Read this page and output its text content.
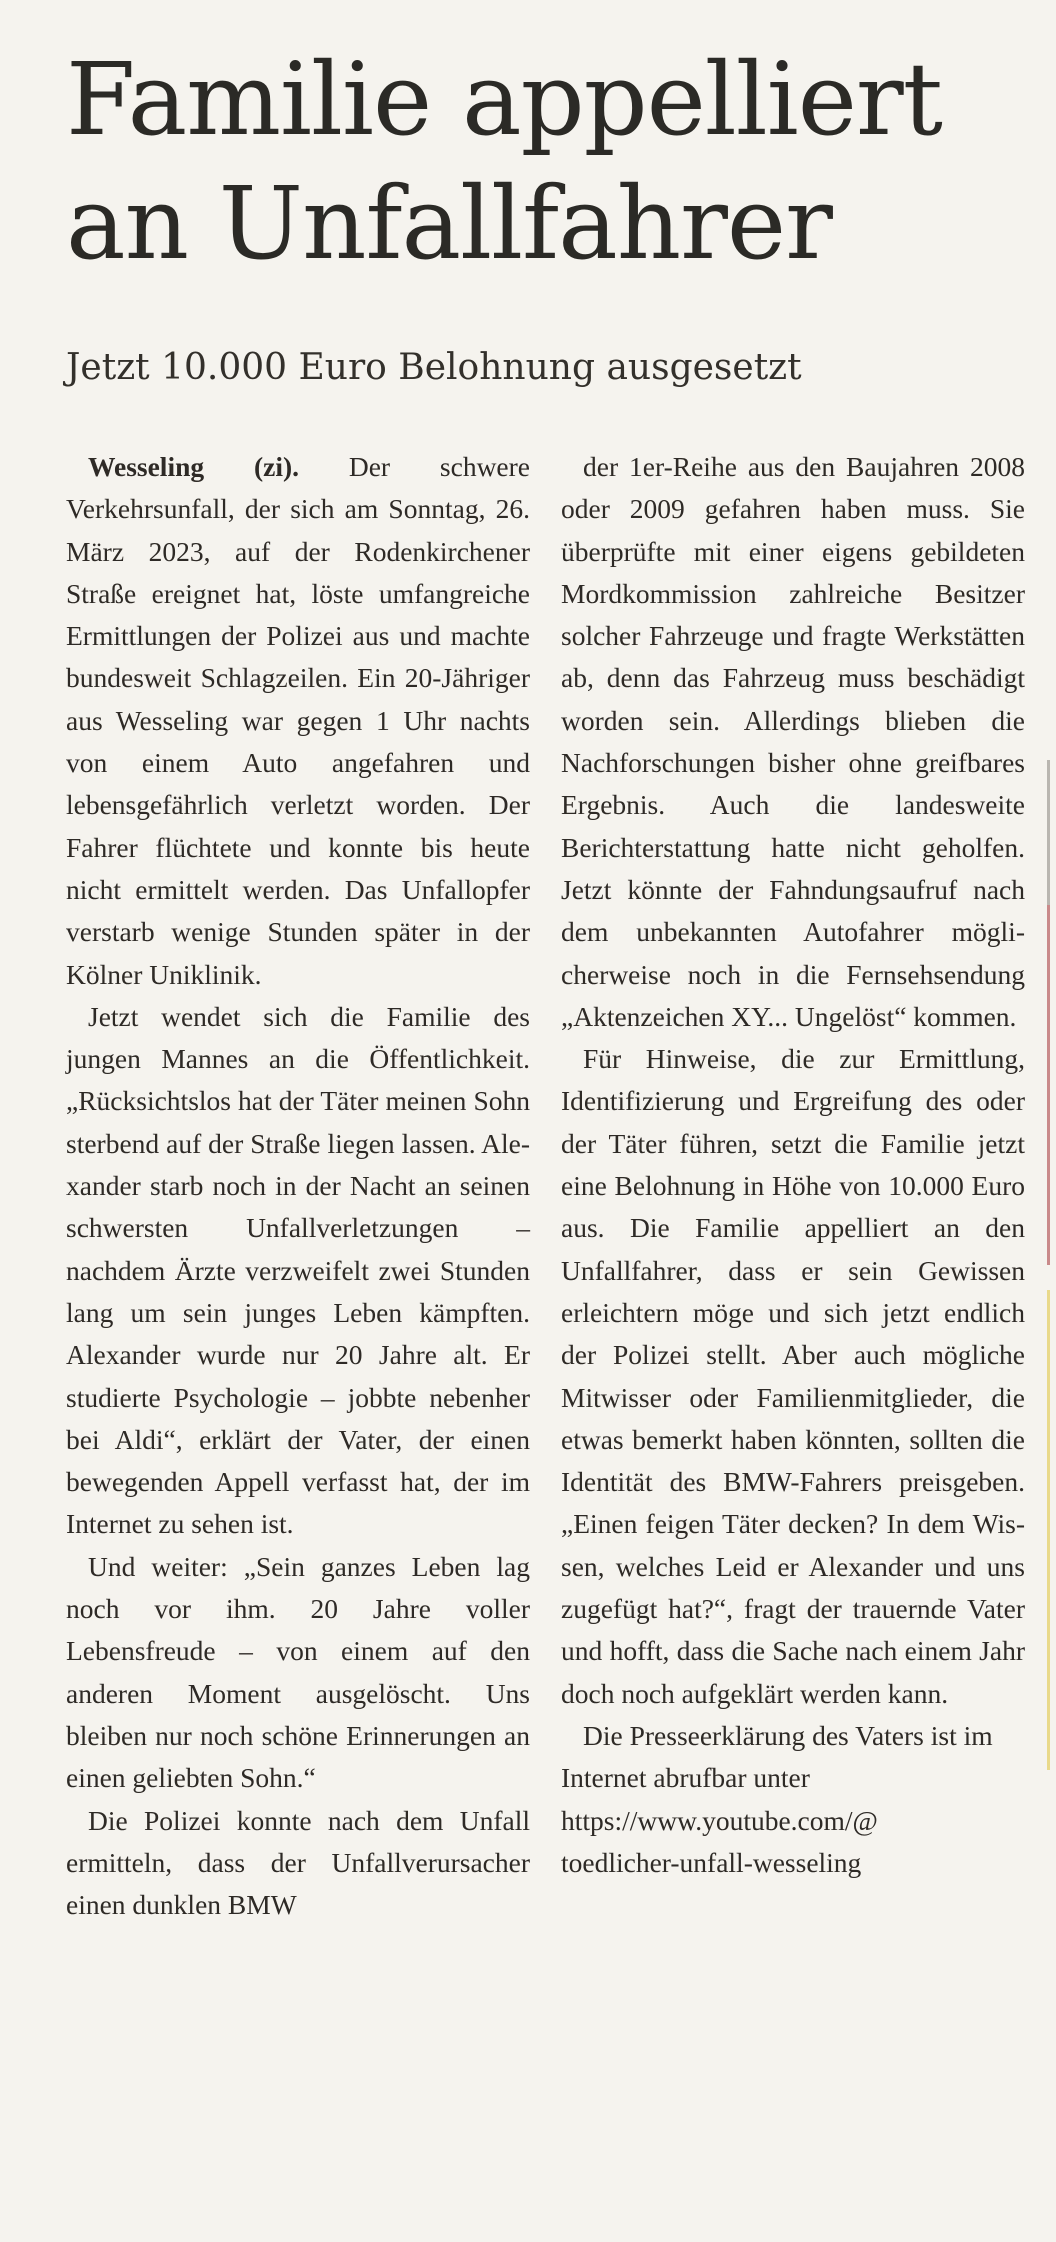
Familie appelliert
an Unfallfahrer
Jetzt 10.000 Euro Belohnung ausgesetzt

Wesseling (zi). Der schwere Verkehrsunfall, der sich am Sonntag, 26. März 2023, auf der Rodenkirchener Straße ereignet hat, löste umfangreiche Ermittlungen der Polizei aus und machte bundesweit Schlagzeilen. Ein 20-Jähriger aus Wesseling war gegen 1 Uhr nachts von einem Auto angefahren und lebensgefährlich verletzt worden. Der Fahrer flüchtete und konnte bis heute nicht ermittelt werden. Das Unfallopfer verstarb wenige Stunden später in der Kölner Uniklinik.

Jetzt wendet sich die Familie des jungen Mannes an die Öffentlichkeit. „Rücksichtslos hat der Täter meinen Sohn sterbend auf der Straße liegen lassen. Alexander starb noch in der Nacht an seinen schwersten Unfallverletzungen – nachdem Ärzte verzweifelt zwei Stunden lang um sein junges Leben kämpften. Alexander wurde nur 20 Jahre alt. Er studierte Psychologie – jobbte nebenher bei Aldi“, erklärt der Vater, der einen bewegenden Appell verfasst hat, der im Internet zu sehen ist.

Und weiter: „Sein ganzes Leben lag noch vor ihm. 20 Jahre voller Lebensfreude – von einem auf den anderen Moment ausgelöscht. Uns bleiben nur noch schöne Erinnerungen an einen geliebten Sohn.“

Die Polizei konnte nach dem Unfall ermitteln, dass der Unfallverursacher einen dunklen BMW

der 1er-Reihe aus den Baujahren 2008 oder 2009 gefahren haben muss. Sie überprüfte mit einer eigens gebildeten Mordkommission zahlreiche Besitzer solcher Fahrzeuge und fragte Werkstätten ab, denn das Fahrzeug muss beschädigt worden sein. Allerdings blieben die Nachforschungen bisher ohne greifbares Ergebnis. Auch die landesweite Berichterstattung hatte nicht geholfen. Jetzt könnte der Fahndungsaufruf nach dem unbekannten Autofahrer möglicherweise noch in die Fernsehsendung „Aktenzeichen XY... Ungelöst“ kommen.

Für Hinweise, die zur Ermittlung, Identifizierung und Ergreifung des oder der Täter führen, setzt die Familie jetzt eine Belohnung in Höhe von 10.000 Euro aus. Die Familie appelliert an den Unfallfahrer, dass er sein Gewissen erleichtern möge und sich jetzt endlich der Polizei stellt. Aber auch mögliche Mitwisser oder Familienmitglieder, die etwas bemerkt haben könnten, sollten die Identität des BMW-Fahrers preisgeben. „Einen feigen Täter decken? In dem Wissen, welches Leid er Alexander und uns zugefügt hat?“, fragt der trauernde Vater und hofft, dass die Sache nach einem Jahr doch noch aufgeklärt werden kann.

Die Presseerklärung des Vaters ist im Internet abrufbar unter
https://www.youtube.com/@
toedlicher-unfall-wesseling
